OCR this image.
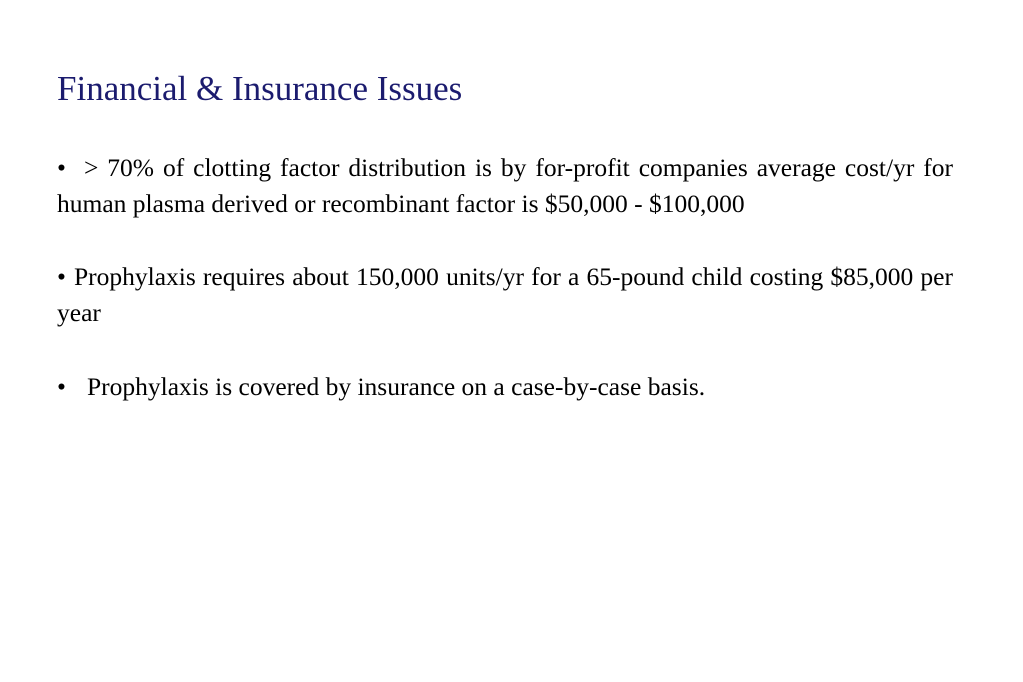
Financial & Insurance Issues
• > 70% of clotting factor distribution is by for-profit companies average cost/yr for human plasma derived or recombinant factor is $50,000 - $100,000
• Prophylaxis requires about 150,000 units/yr for a 65-pound child costing $85,000 per year
• Prophylaxis is covered by insurance on a case-by-case basis.
